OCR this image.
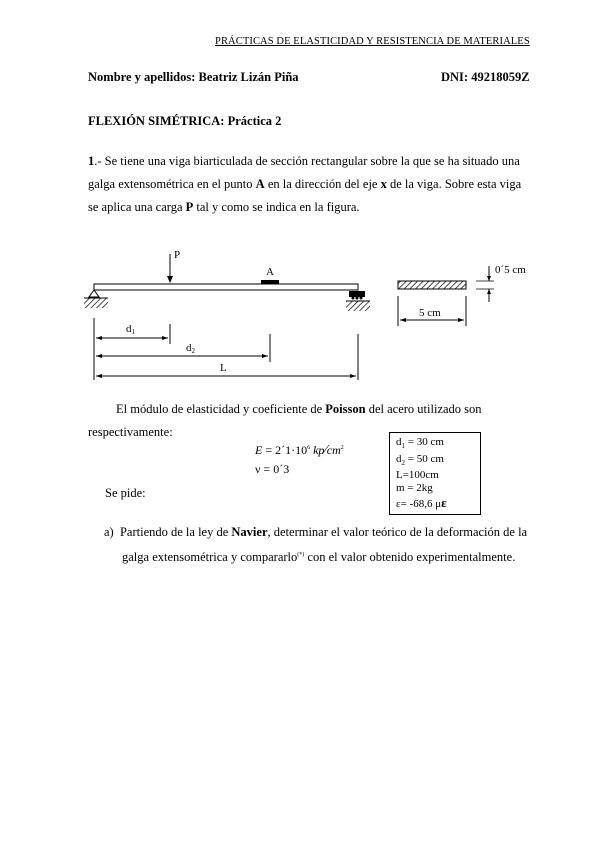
PRÁCTICAS DE ELASTICIDAD Y RESISTENCIA DE MATERIALES
Nombre y apellidos: Beatriz Lizán Piña	DNI: 49218059Z
FLEXIÓN SIMÉTRICA: Práctica 2
1.- Se tiene una viga biarticulada de sección rectangular sobre la que se ha situado una
galga extensométrica en el punto A en la dirección del eje x de la viga. Sobre esta viga
se aplica una carga P tal y como se indica en la figura.
P
A
d1
d2
L
0´5 cm
5 cm
El módulo de elasticidad y coeficiente de Poisson del acero utilizado son
respectivamente:
$E = 2´1\cdot 10^6$ $kp⁄cm^2$
ν = 0´3
Se pide:
$d_1 = 30$ cm
$d_2 = 50$ cm
L=100cm
m = 2kg
ε= -68,6 με
a) Partiendo de la ley de Navier, determinar el valor teórico de la deformación de la
galga extensométrica y compararlo(*) con el valor obtenido experimentalmente.
